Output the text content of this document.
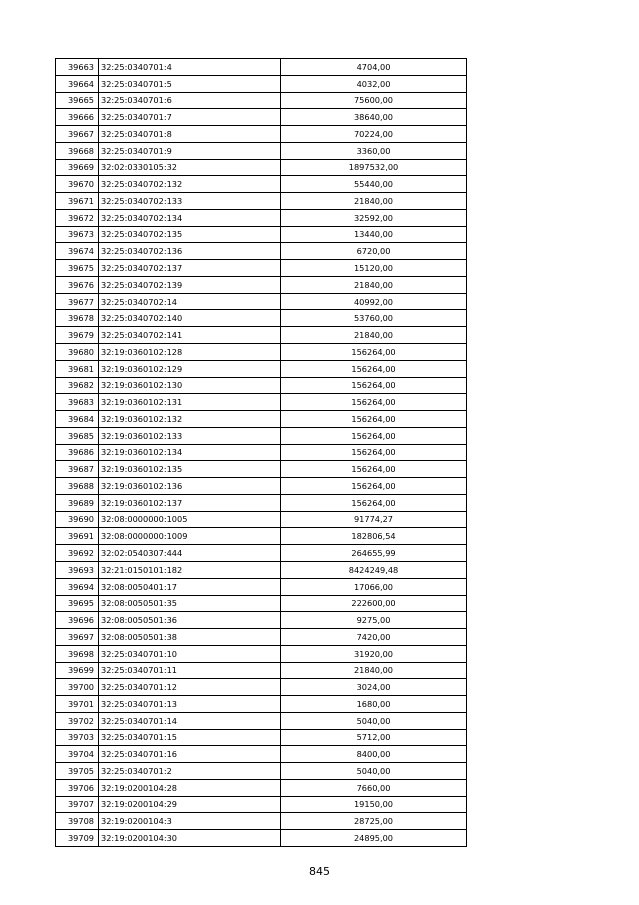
39663	32:25:0340701:4	4704,00
39664	32:25:0340701:5	4032,00
39665	32:25:0340701:6	75600,00
39666	32:25:0340701:7	38640,00
39667	32:25:0340701:8	70224,00
39668	32:25:0340701:9	3360,00
39669	32:02:0330105:32	1897532,00
39670	32:25:0340702:132	55440,00
39671	32:25:0340702:133	21840,00
39672	32:25:0340702:134	32592,00
39673	32:25:0340702:135	13440,00
39674	32:25:0340702:136	6720,00
39675	32:25:0340702:137	15120,00
39676	32:25:0340702:139	21840,00
39677	32:25:0340702:14	40992,00
39678	32:25:0340702:140	53760,00
39679	32:25:0340702:141	21840,00
39680	32:19:0360102:128	156264,00
39681	32:19:0360102:129	156264,00
39682	32:19:0360102:130	156264,00
39683	32:19:0360102:131	156264,00
39684	32:19:0360102:132	156264,00
39685	32:19:0360102:133	156264,00
39686	32:19:0360102:134	156264,00
39687	32:19:0360102:135	156264,00
39688	32:19:0360102:136	156264,00
39689	32:19:0360102:137	156264,00
39690	32:08:0000000:1005	91774,27
39691	32:08:0000000:1009	182806,54
39692	32:02:0540307:444	264655,99
39693	32:21:0150101:182	8424249,48
39694	32:08:0050401:17	17066,00
39695	32:08:0050501:35	222600,00
39696	32:08:0050501:36	9275,00
39697	32:08:0050501:38	7420,00
39698	32:25:0340701:10	31920,00
39699	32:25:0340701:11	21840,00
39700	32:25:0340701:12	3024,00
39701	32:25:0340701:13	1680,00
39702	32:25:0340701:14	5040,00
39703	32:25:0340701:15	5712,00
39704	32:25:0340701:16	8400,00
39705	32:25:0340701:2	5040,00
39706	32:19:0200104:28	7660,00
39707	32:19:0200104:29	19150,00
39708	32:19:0200104:3	28725,00
39709	32:19:0200104:30	24895,00
845
